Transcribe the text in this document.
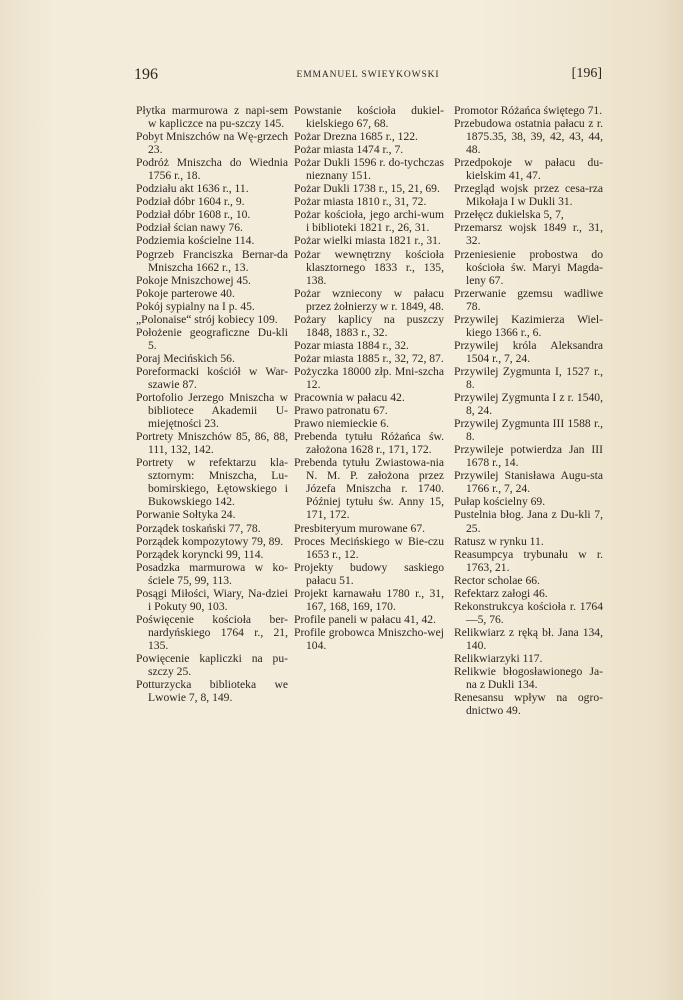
196	EMMANUEL SWIEYKOWSKI	[196]

Płytka marmurowa z napi-sem w kapliczce na pu-szczy 145.

Pobyt Mniszchów na Wę-grzech 23.

Podróż Mniszcha do Wiednia 1756 r., 18.

Podziału akt 1636 r., 11.

Podział dóbr 1604 r., 9.

Podział dóbr 1608 r., 10.

Podział ścian nawy 76.

Podziemia kościelne 114.

Pogrzeb Franciszka Bernar-da Mniszcha 1662 r., 13.

Pokoje Mniszchowej 45.

Pokoje parterowe 40.

Pokój sypialny na I p. 45.

„Polonaise“ strój kobiecy 109.

Położenie geograficzne Du-kli 5.

Poraj Mecińskich 56.

Poreformacki kościół w War-szawie 87.

Portofolio Jerzego Mniszcha w bibliotece Akademii U-miejętności 23.

Portrety Mniszchów 85, 86, 88, 111, 132, 142.

Portrety w refektarzu kla-sztornym: Mniszcha, Lu-bomirskiego, Łętowskiego i Bukowskiego 142.

Porwanie Sołtyka 24.

Porządek toskański 77, 78.

Porządek kompozytowy 79, 89.

Porządek koryncki 99, 114.

Posadzka marmurowa w ko-ściele 75, 99, 113.

Posągi Miłości, Wiary, Na-dziei i Pokuty 90, 103.

Poświęcenie kościoła ber-nardyńskiego 1764 r., 21, 135.

Powięcenie kapliczki na pu-szczy 25.

Potturzycka biblioteka we Lwowie 7, 8, 149.

Powstanie kościoła dukiel-kielskiego 67, 68.

Pożar Drezna 1685 r., 122.

Pożar miasta 1474 r., 7.

Pożar Dukli 1596 r. do-tychczas nieznany 151.

Pożar Dukli 1738 r., 15, 21, 69.

Pożar miasta 1810 r., 31, 72.

Pożar kościoła, jego archi-wum i biblioteki 1821 r., 26, 31.

Pożar wielki miasta 1821 r., 31.

Pożar wewnętrzny kościoła klasztornego 1833 r., 135, 138.

Pożar wzniecony w pałacu przez żołnierzy w r. 1849, 48.

Pożary kaplicy na puszczy 1848, 1883 r., 32.

Pozar miasta 1884 r., 32.

Pożar miasta 1885 r., 32, 72, 87.

Pożyczka 18000 złp. Mni-szcha 12.

Pracownia w pałacu 42.

Prawo patronatu 67.

Prawo niemieckie 6.

Prebenda tytułu Różańca św. założona 1628 r., 171, 172.

Prebenda tytułu Zwiastowa-nia N. M. P. założona przez Józefa Mniszcha r. 1740. Później tytułu św. Anny 15, 171, 172.

Presbiteryum murowane 67.

Proces Mecińskiego w Bie-czu 1653 r., 12.

Projekty budowy saskiego pałacu 51.

Projekt karnawału 1780 r., 31, 167, 168, 169, 170.

Profile paneli w pałacu 41, 42.

Profile grobowca Mniszcho-wej 104.

Promotor Różańca świętego 71.

Przebudowa ostatnia pałacu z r. 1875.35, 38, 39, 42, 43, 44, 48.

Przedpokoje w pałacu du-kielskim 41, 47.

Przegląd wojsk przez cesa-rza Mikołaja I w Dukli 31.

Przełęcz dukielska 5, 7,

Przemarsz wojsk 1849 r., 31, 32.

Przeniesienie probostwa do kościoła św. Maryi Magda-leny 67.

Przerwanie gzemsu wadliwe 78.

Przywilej Kazimierza Wiel-kiego 1366 r., 6.

Przywilej króla Aleksandra 1504 r., 7, 24.

Przywilej Zygmunta I, 1527 r., 8.

Przywilej Zygmunta I z r. 1540, 8, 24.

Przywilej Zygmunta III 1588 r., 8.

Przywileje potwierdza Jan III 1678 r., 14.

Przywilej Stanisława Augu-sta 1766 r., 7, 24.

Pułap kościelny 69.

Pustelnia błog. Jana z Du-kli 7, 25.

Ratusz w rynku 11.

Reasumpcya trybunału w r. 1763, 21.

Rector scholae 66.

Refektarz załogi 46.

Rekonstrukcya kościoła r. 1764—5, 76.

Relikwiarz z ręką bł. Jana 134, 140.

Relikwiarzyki 117.

Relikwie błogosławionego Ja-na z Dukli 134.

Renesansu wpływ na ogro-dnictwo 49.
